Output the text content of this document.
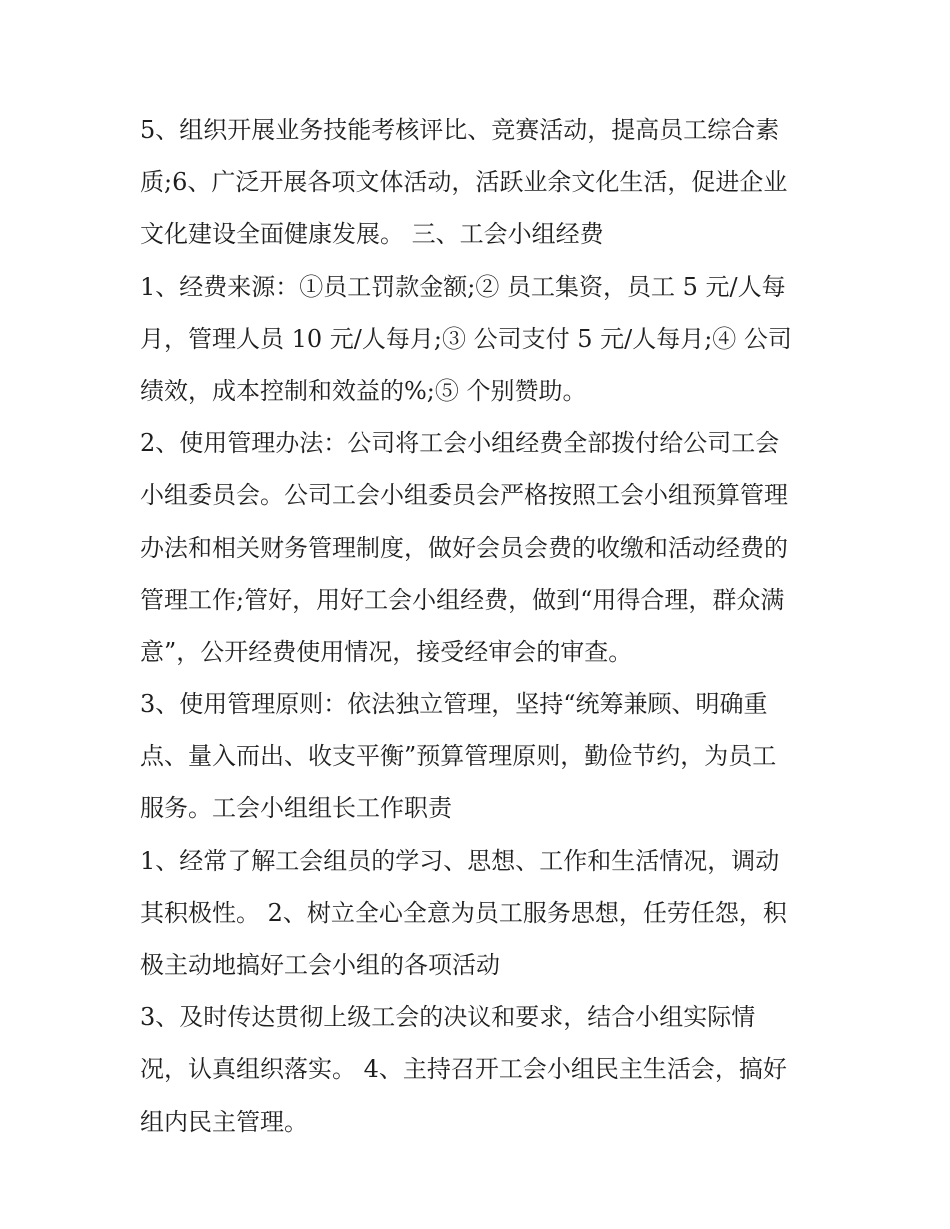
5、组织开展业务技能考核评比、竞赛活动，提高员工综合素
质;6、广泛开展各项文体活动，活跃业余文化生活，促进企业
文化建设全面健康发展。 三、工会小组经费
1、经费来源：①员工罚款金额;② 员工集资，员工 5 元/人每
月，管理人员 10 元/人每月;③ 公司支付 5 元/人每月;④ 公司
绩效，成本控制和效益的%;⑤ 个别赞助。
2、使用管理办法：公司将工会小组经费全部拨付给公司工会
小组委员会。公司工会小组委员会严格按照工会小组预算管理
办法和相关财务管理制度，做好会员会费的收缴和活动经费的
管理工作;管好，用好工会小组经费，做到“用得合理，群众满
意”，公开经费使用情况，接受经审会的审查。
3、使用管理原则：依法独立管理，坚持“统筹兼顾、明确重
点、量入而出、收支平衡”预算管理原则，勤俭节约，为员工
服务。工会小组组长工作职责
1、经常了解工会组员的学习、思想、工作和生活情况，调动
其积极性。 2、树立全心全意为员工服务思想，任劳任怨，积
极主动地搞好工会小组的各项活动
3、及时传达贯彻上级工会的决议和要求，结合小组实际情
况，认真组织落实。 4、主持召开工会小组民主生活会，搞好
组内民主管理。
